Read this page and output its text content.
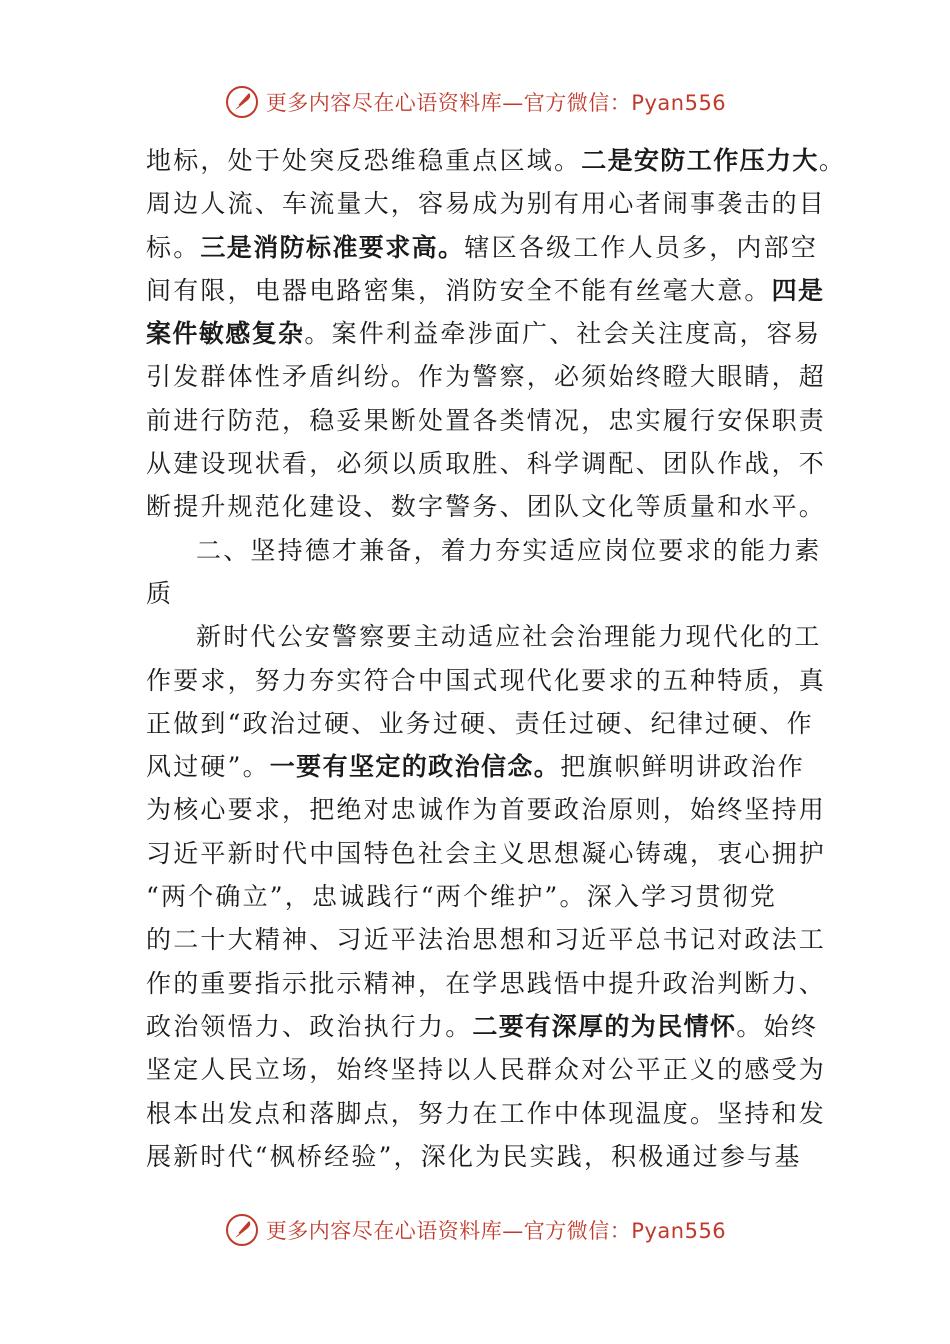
更多内容尽在心语资料库—官方微信：Pyan556
地标，处于处突反恐维稳重点区域。二是安防工作压力大。
周边人流、车流量大，容易成为别有用心者闹事袭击的目
标。三是消防标准要求高。辖区各级工作人员多，内部空
间有限，电器电路密集，消防安全不能有丝毫大意。四是
案件敏感复杂。案件利益牵涉面广、社会关注度高，容易
引发群体性矛盾纠纷。作为警察，必须始终瞪大眼睛，超
前进行防范，稳妥果断处置各类情况，忠实履行安保职责
从建设现状看，必须以质取胜、科学调配、团队作战，不
断提升规范化建设、数字警务、团队文化等质量和水平。
二、坚持德才兼备，着力夯实适应岗位要求的能力素
质
新时代公安警察要主动适应社会治理能力现代化的工
作要求，努力夯实符合中国式现代化要求的五种特质，真
正做到“政治过硬、业务过硬、责任过硬、纪律过硬、作
风过硬”。一要有坚定的政治信念。把旗帜鲜明讲政治作
为核心要求，把绝对忠诚作为首要政治原则，始终坚持用
习近平新时代中国特色社会主义思想凝心铸魂，衷心拥护
“两个确立”，忠诚践行“两个维护”。深入学习贯彻党
的二十大精神、习近平法治思想和习近平总书记对政法工
作的重要指示批示精神，在学思践悟中提升政治判断力、
政治领悟力、政治执行力。二要有深厚的为民情怀。始终
坚定人民立场，始终坚持以人民群众对公平正义的感受为
根本出发点和落脚点，努力在工作中体现温度。坚持和发
展新时代“枫桥经验”，深化为民实践，积极通过参与基
更多内容尽在心语资料库—官方微信：Pyan556
